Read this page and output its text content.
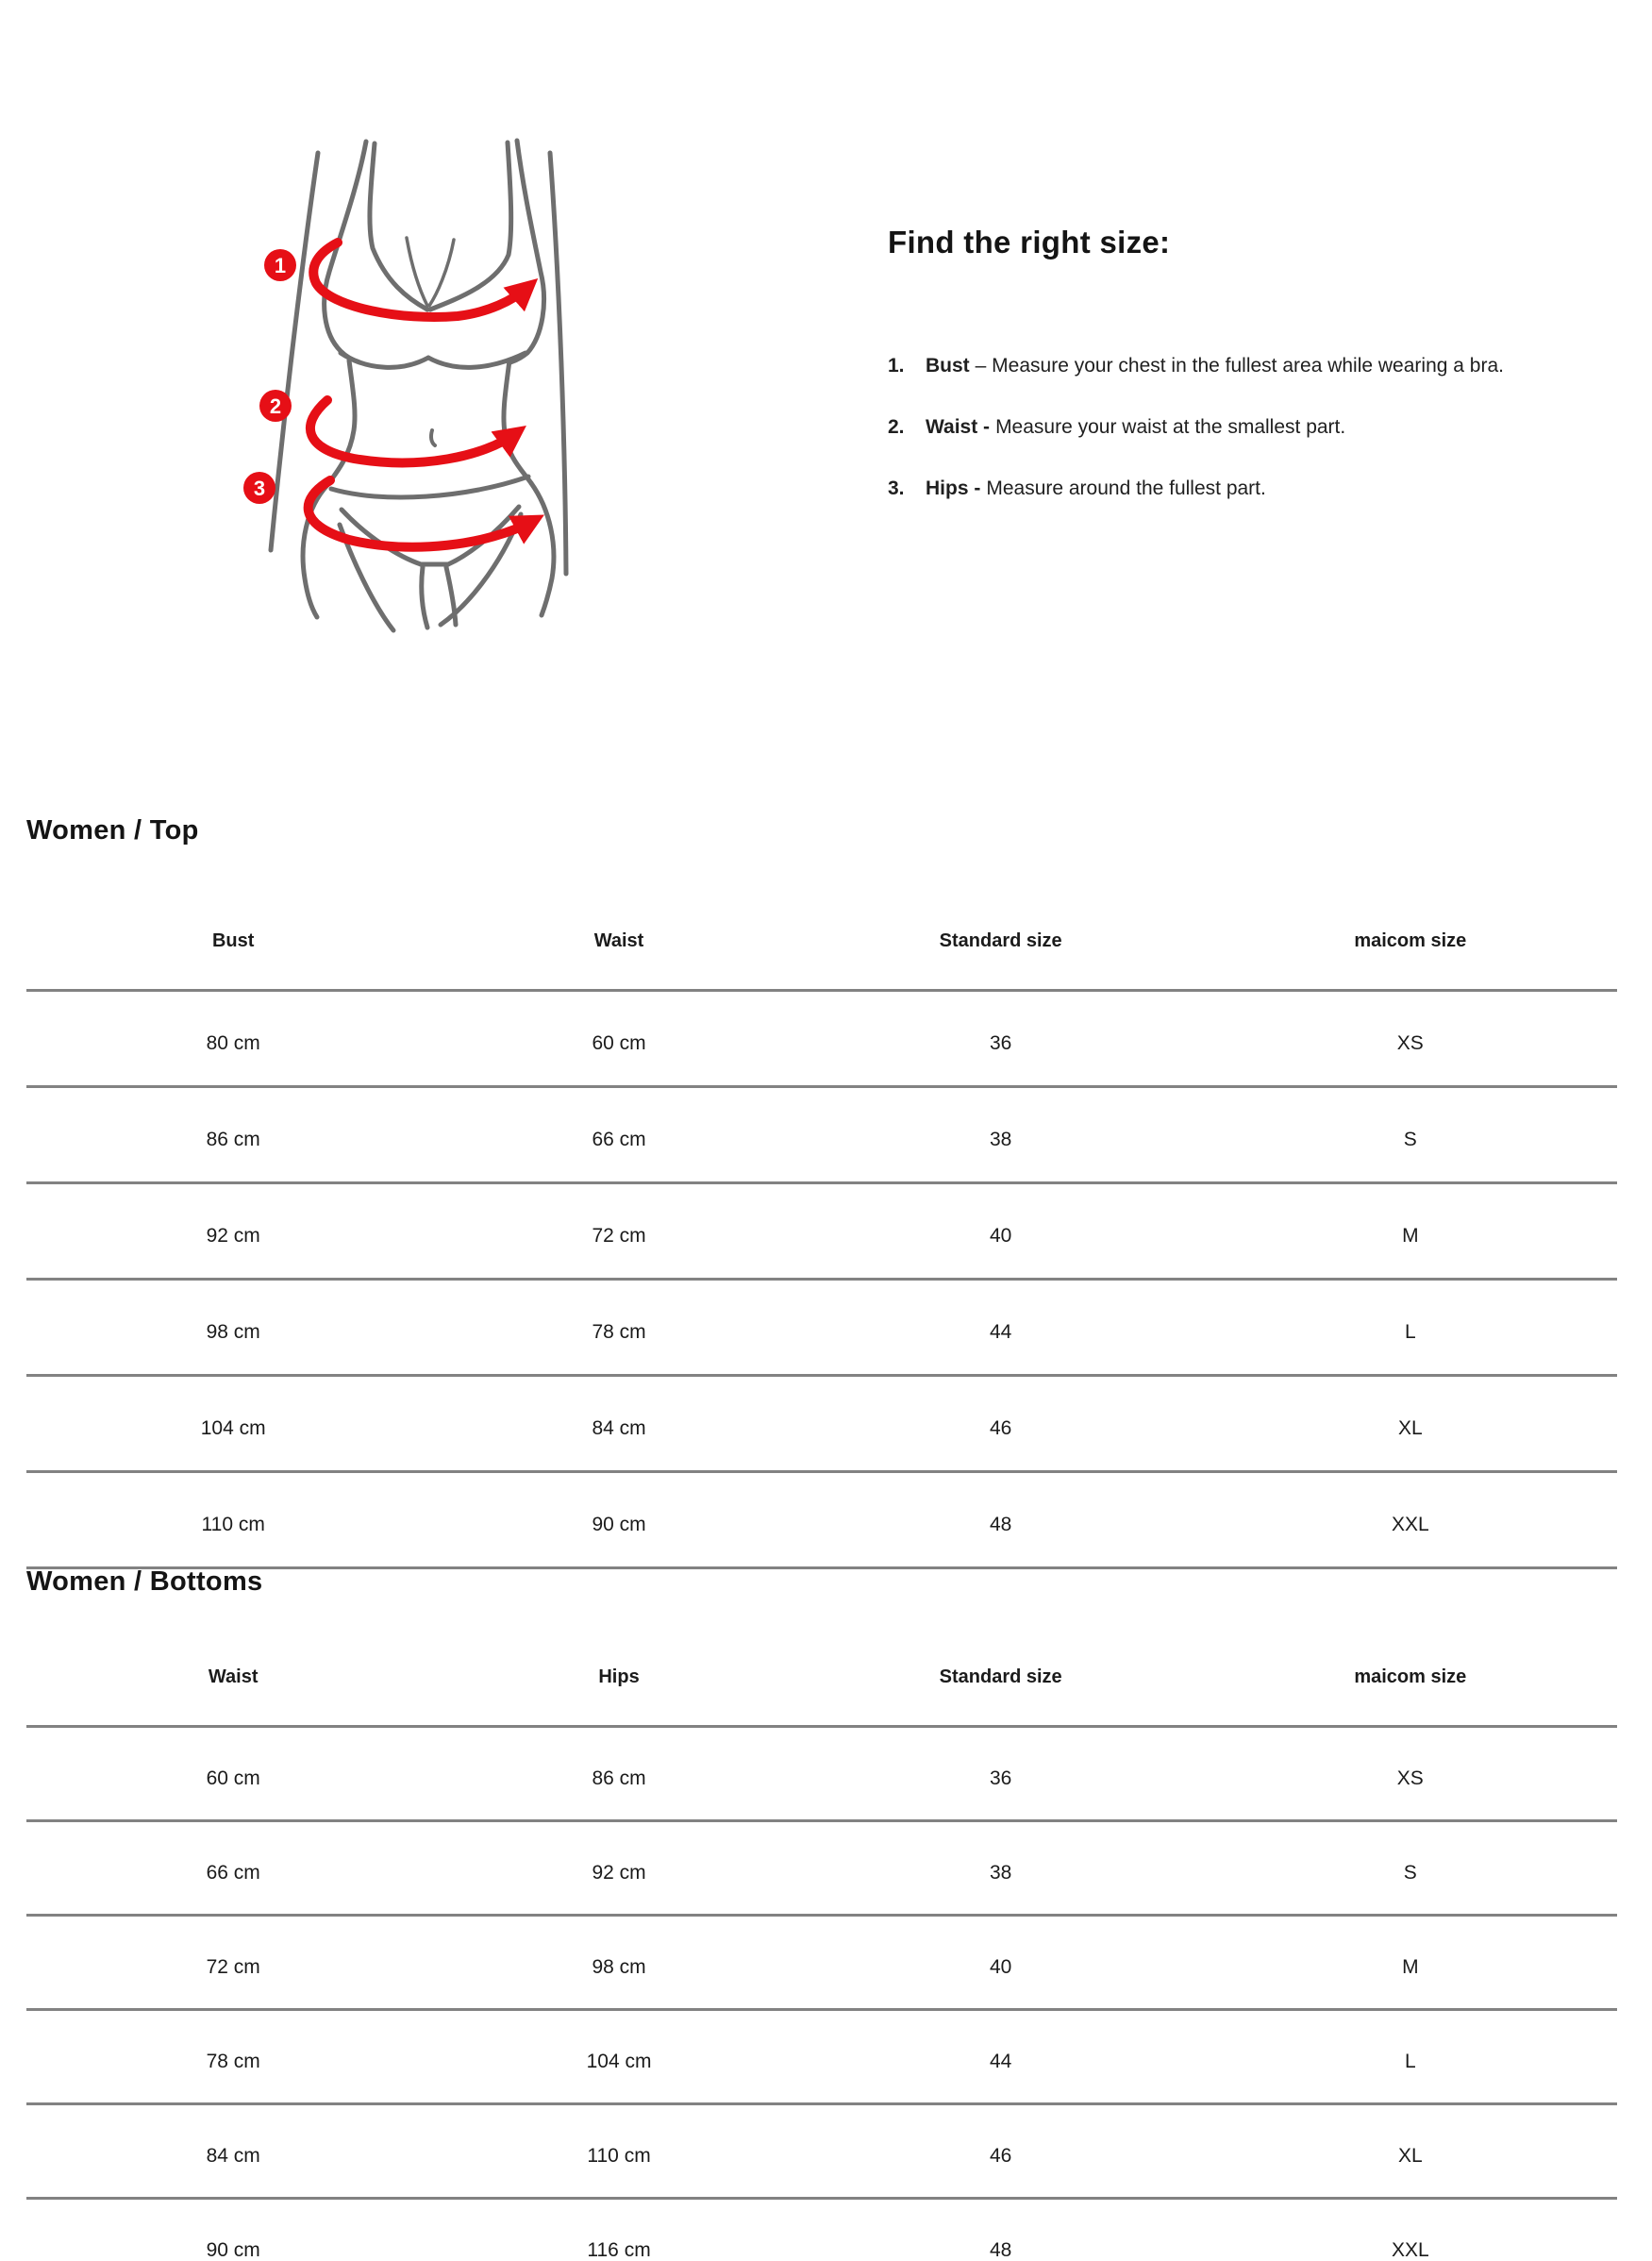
1
2
3
Find the right size:
1.	Bust – Measure your chest in the fullest area while wearing a bra.
2.	Waist - Measure your waist at the smallest part.
3.	Hips - Measure around the fullest part.
Women / Top
Bust	Waist	Standard size	maicom size
80 cm	60 cm	36	XS
86 cm	66 cm	38	S
92 cm	72 cm	40	M
98 cm	78 cm	44	L
104 cm	84 cm	46	XL
110 cm	90 cm	48	XXL
Women / Bottoms
Waist	Hips	Standard size	maicom size
60 cm	86 cm	36	XS
66 cm	92 cm	38	S
72 cm	98 cm	40	M
78 cm	104 cm	44	L
84 cm	110 cm	46	XL
90 cm	116 cm	48	XXL
